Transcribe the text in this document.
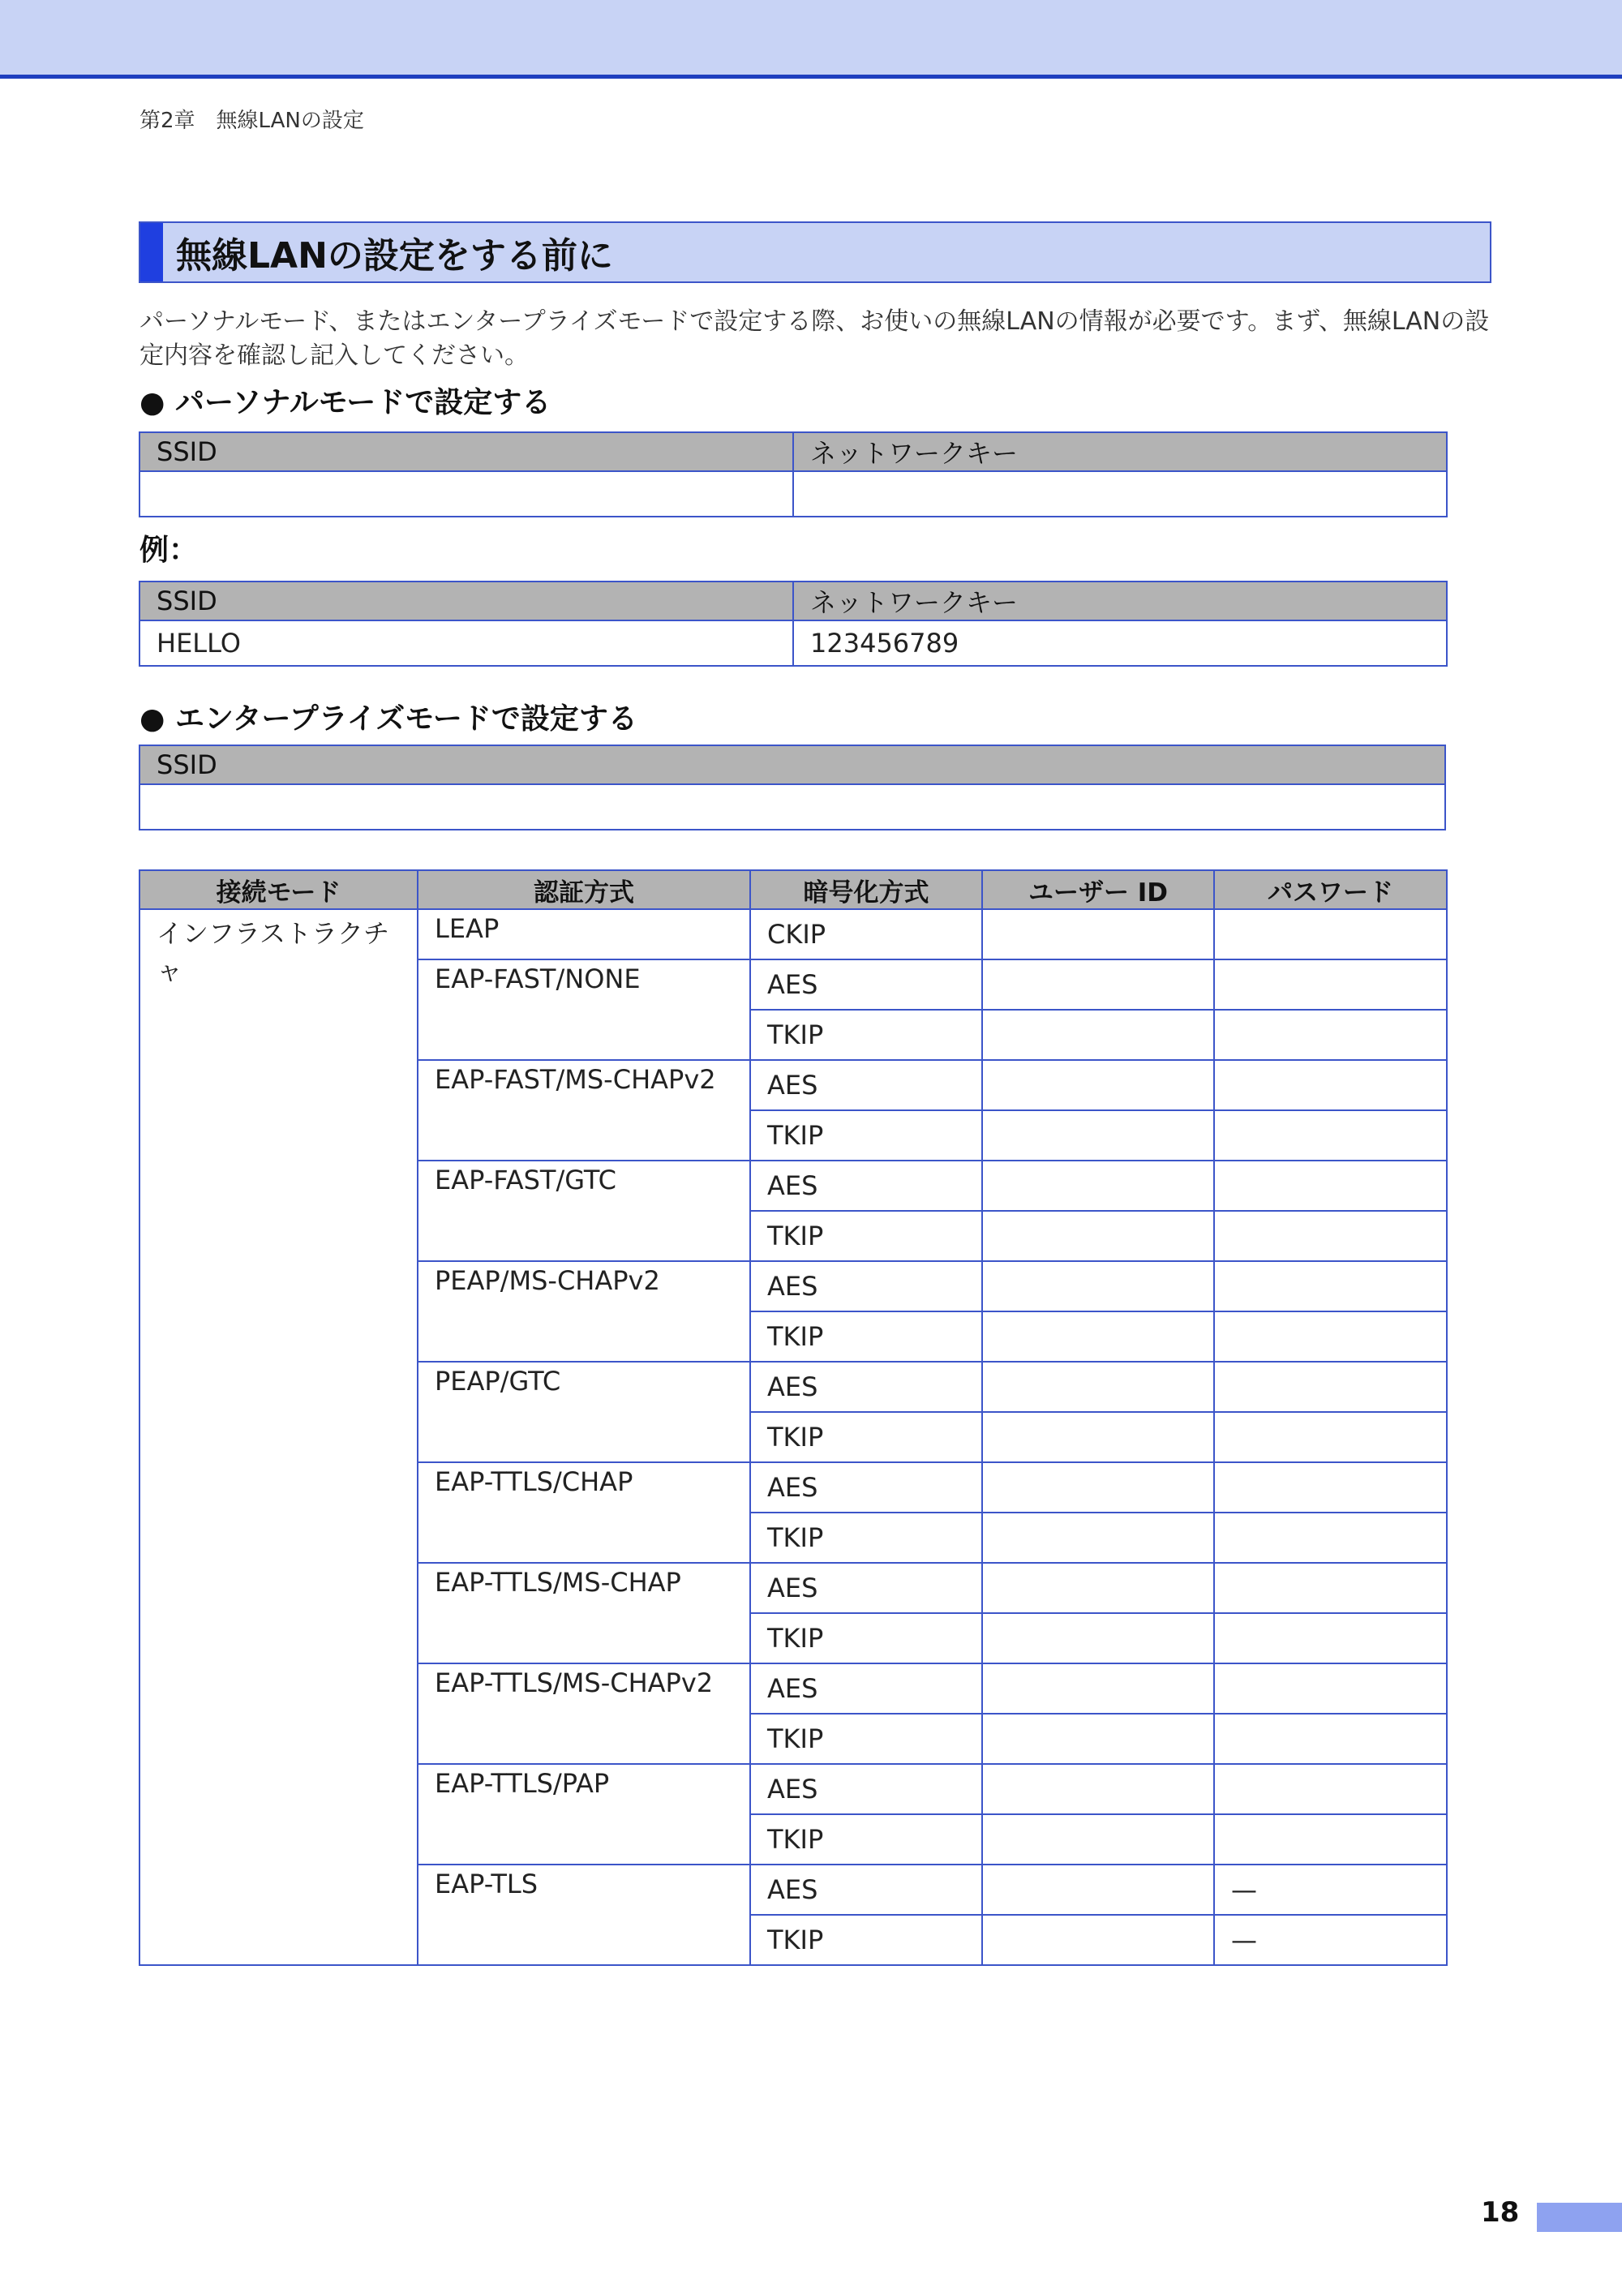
第2章　無線LANの設定
無線LANの設定をする前に
パーソナルモード、またはエンタープライズモードで設定する際、お使いの無線LANの情報が必要です。まず、無線LANの設定内容を確認し記入してください。
● パーソナルモードで設定する
SSID	ネットワークキー

例：
SSID	ネットワークキー
HELLO	123456789
● エンタープライズモードで設定する
SSID

接続モード	認証方式	暗号化方式	ユーザー ID	パスワード
インフラストラクチャ	LEAP	CKIP		
	EAP-FAST/NONE	AES		
		TKIP		
	EAP-FAST/MS-CHAPv2	AES		
		TKIP		
	EAP-FAST/GTC	AES		
		TKIP		
	PEAP/MS-CHAPv2	AES		
		TKIP		
	PEAP/GTC	AES		
		TKIP		
	EAP-TTLS/CHAP	AES		
		TKIP		
	EAP-TTLS/MS-CHAP	AES		
		TKIP		
	EAP-TTLS/MS-CHAPv2	AES		
		TKIP		
	EAP-TTLS/PAP	AES		
		TKIP		
	EAP-TLS	AES		—
		TKIP		—
18
